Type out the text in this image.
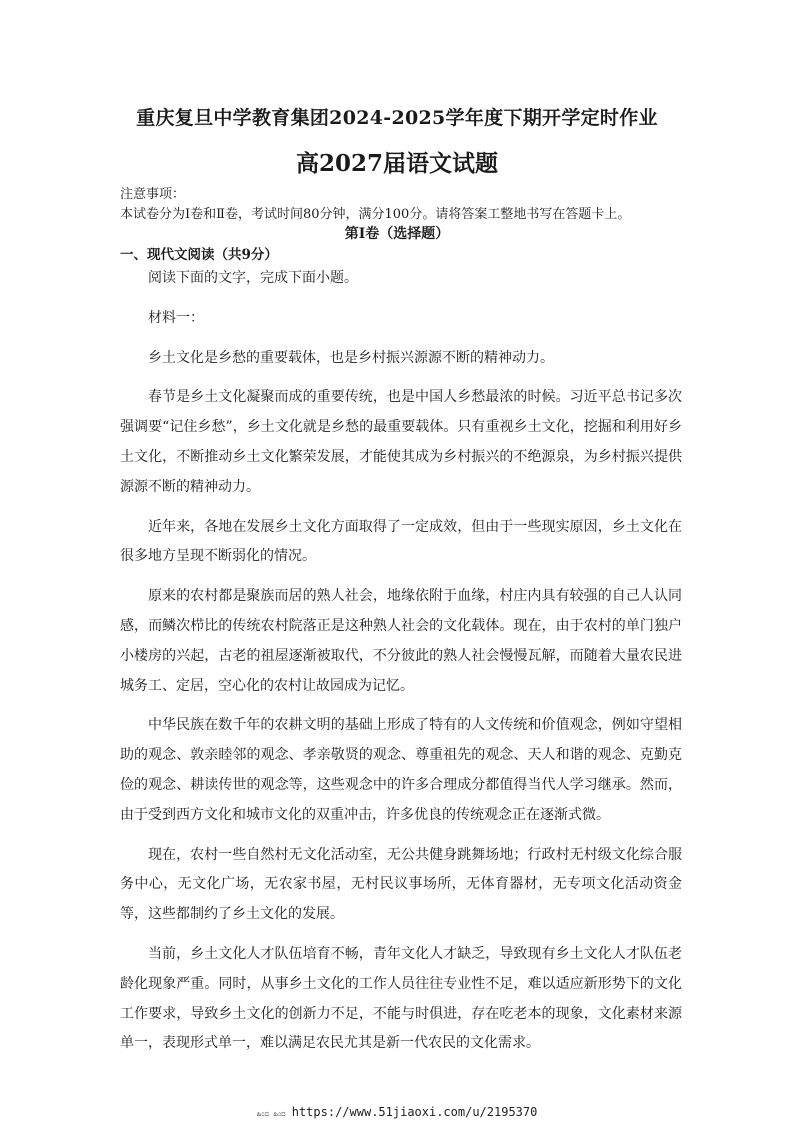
重庆复旦中学教育集团2024-2025学年度下期开学定时作业
高2027届语文试题
注意事项：
本试卷分为Ⅰ卷和Ⅱ卷，考试时间80分钟，满分100分。请将答案工整地书写在答题卡上。
第Ⅰ卷（选择题）
一、现代文阅读（共9分）

阅读下面的文字，完成下面小题。

材料一：

乡土文化是乡愁的重要载体，也是乡村振兴源源不断的精神动力。

春节是乡土文化凝聚而成的重要传统，也是中国人乡愁最浓的时候。习近平总书记多次强调要“记住乡愁”，乡土文化就是乡愁的最重要载体。只有重视乡土文化，挖掘和利用好乡土文化，不断推动乡土文化繁荣发展，才能使其成为乡村振兴的不绝源泉，为乡村振兴提供源源不断的精神动力。

近年来，各地在发展乡土文化方面取得了一定成效，但由于一些现实原因，乡土文化在很多地方呈现不断弱化的情况。

原来的农村都是聚族而居的熟人社会，地缘依附于血缘，村庄内具有较强的自己人认同感，而鳞次栉比的传统农村院落正是这种熟人社会的文化载体。现在，由于农村的单门独户小楼房的兴起，古老的祖屋逐渐被取代，不分彼此的熟人社会慢慢瓦解，而随着大量农民进城务工、定居，空心化的农村让故园成为记忆。

中华民族在数千年的农耕文明的基础上形成了特有的人文传统和价值观念，例如守望相助的观念、敦亲睦邻的观念、孝亲敬贤的观念、尊重祖先的观念、天人和谐的观念、克勤克俭的观念、耕读传世的观念等，这些观念中的许多合理成分都值得当代人学习继承。然而，由于受到西方文化和城市文化的双重冲击，许多优良的传统观念正在逐渐式微。

现在，农村一些自然村无文化活动室，无公共健身跳舞场地；行政村无村级文化综合服务中心，无文化广场，无农家书屋，无村民议事场所，无体育器材，无专项文化活动资金等，这些都制约了乡土文化的发展。

当前，乡土文化人才队伍培育不畅，青年文化人才缺乏，导致现有乡土文化人才队伍老龄化现象严重。同时，从事乡土文化的工作人员往往专业性不足，难以适应新形势下的文化工作要求，导致乡土文化的创新力不足，不能与时俱进，存在吃老本的现象，文化素材来源单一，表现形式单一，难以满足农民尤其是新一代农民的文化需求。

ಹಿಂದ ಹಿಂದ https://www.51jiaoxi.com/u/2195370
